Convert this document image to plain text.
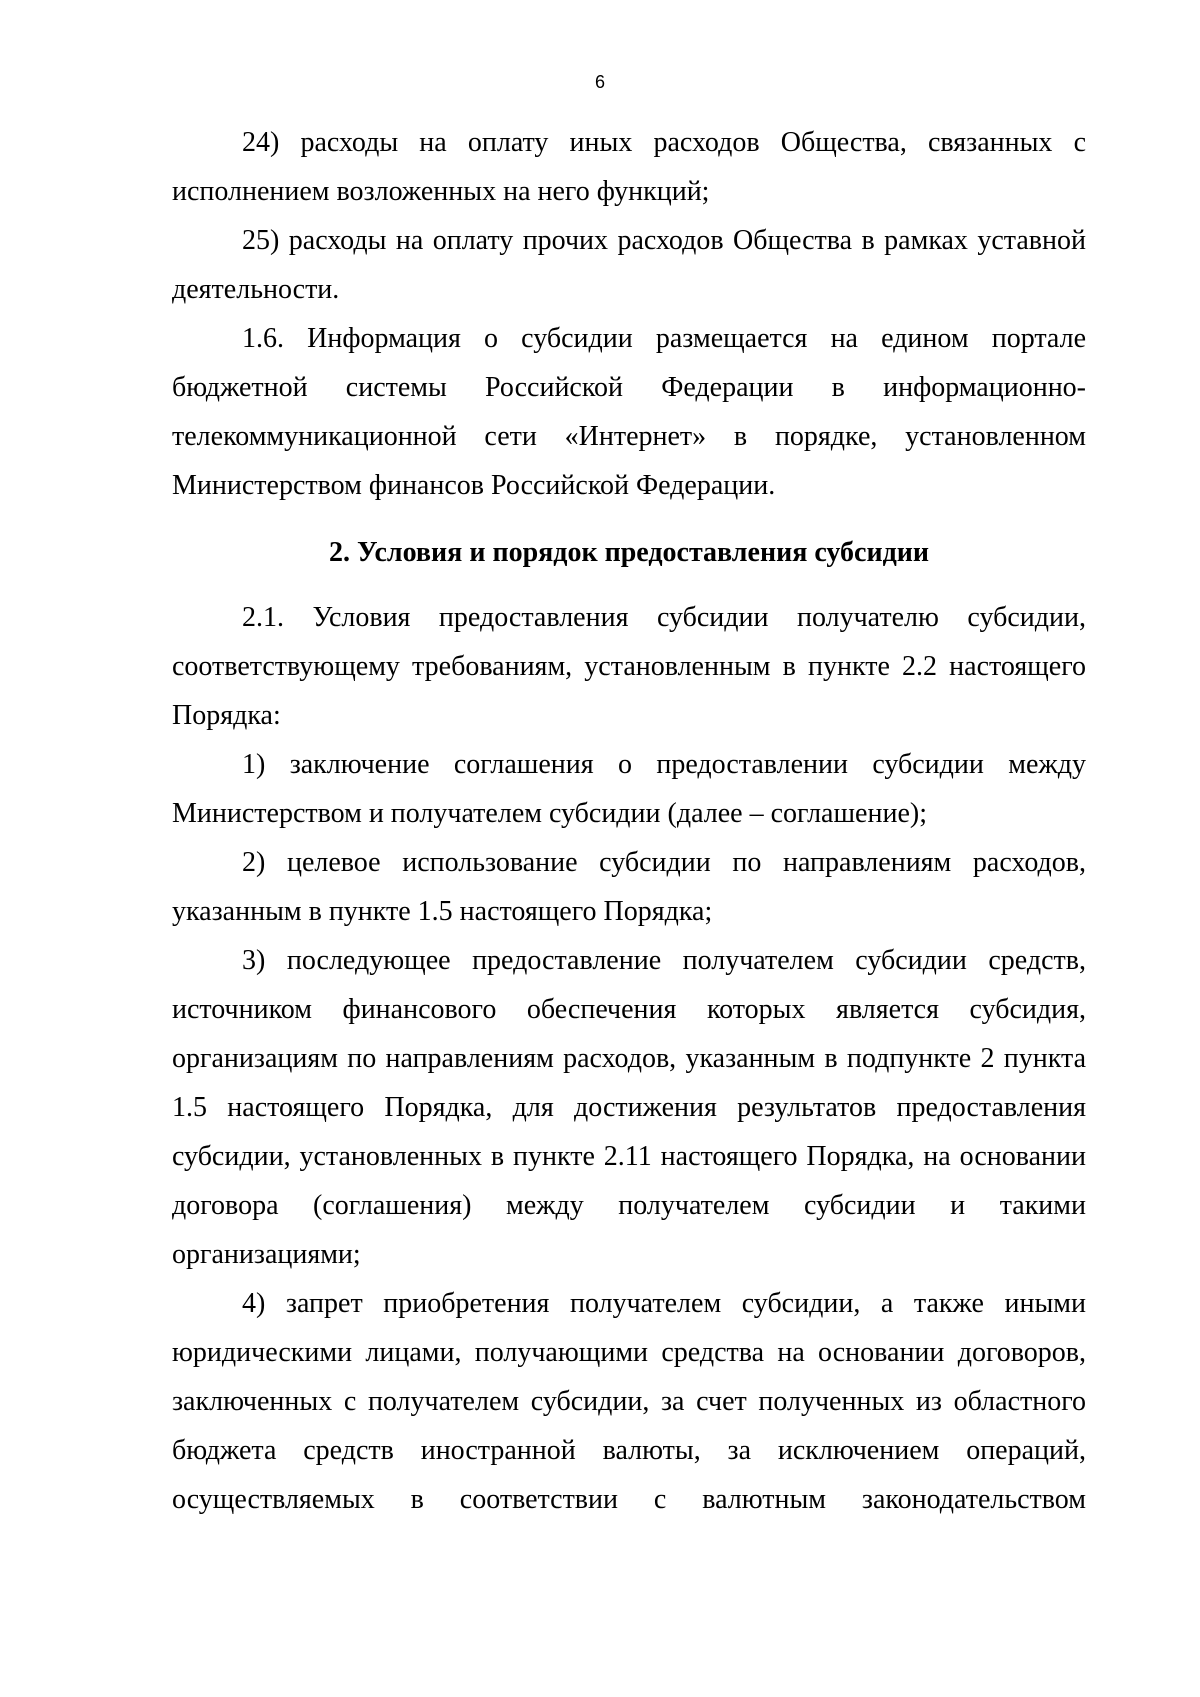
6

24) расходы на оплату иных расходов Общества, связанных с исполнением возложенных на него функций;

25) расходы на оплату прочих расходов Общества в рамках уставной деятельности.

1.6. Информация о субсидии размещается на едином портале бюджетной системы Российской Федерации в информационно-телекоммуникационной сети «Интернет» в порядке, установленном Министерством финансов Российской Федерации.

2. Условия и порядок предоставления субсидии

2.1. Условия предоставления субсидии получателю субсидии, соответствующему требованиям, установленным в пункте 2.2 настоящего Порядка:

1) заключение соглашения о предоставлении субсидии между Министерством и получателем субсидии (далее – соглашение);

2) целевое использование субсидии по направлениям расходов, указанным в пункте 1.5 настоящего Порядка;

3) последующее предоставление получателем субсидии средств, источником финансового обеспечения которых является субсидия, организациям по направлениям расходов, указанным в подпункте 2 пункта 1.5 настоящего Порядка, для достижения результатов предоставления субсидии, установленных в пункте 2.11 настоящего Порядка, на основании договора (соглашения) между получателем субсидии и такими организациями;

4) запрет приобретения получателем субсидии, а также иными юридическими лицами, получающими средства на основании договоров, заключенных с получателем субсидии, за счет полученных из областного бюджета средств иностранной валюты, за исключением операций, осуществляемых в соответствии с валютным законодательством
